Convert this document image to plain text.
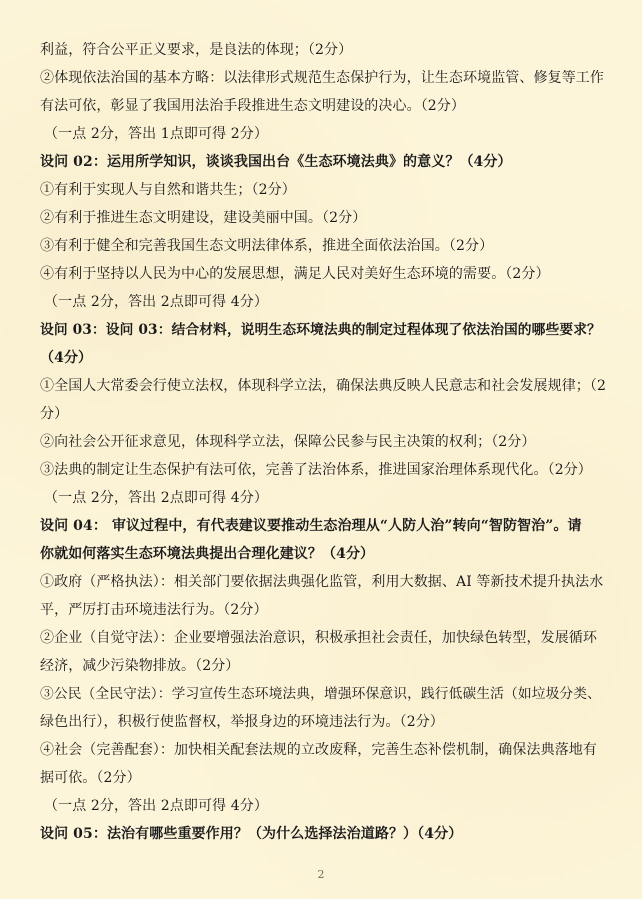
利益，符合公平正义要求，是良法的体现；（2分）
②体现依法治国的基本方略：以法律形式规范生态保护行为，让生态环境监管、修复等工作
有法可依，彰显了我国用法治手段推进生态文明建设的决心。（2分）
（一点 2分，答出 1点即可得 2分）
设问 02：运用所学知识，谈谈我国出台《生态环境法典》的意义？（4分）
①有利于实现人与自然和谐共生；（2分）
②有利于推进生态文明建设，建设美丽中国。（2分）
③有利于健全和完善我国生态文明法律体系，推进全面依法治国。（2分）
④有利于坚持以人民为中心的发展思想，满足人民对美好生态环境的需要。（2分）
（一点 2分，答出 2点即可得 4分）
设问 03：设问 03：结合材料，说明生态环境法典的制定过程体现了依法治国的哪些要求？
（4分）
①全国人大常委会行使立法权，体现科学立法，确保法典反映人民意志和社会发展规律；（2
分）
②向社会公开征求意见，体现科学立法，保障公民参与民主决策的权利；（2分）
③法典的制定让生态保护有法可依，完善了法治体系，推进国家治理体系现代化。（2分）
（一点 2分，答出 2点即可得 4分）
设问 04： 审议过程中，有代表建议要推动生态治理从“人防人治”转向“智防智治”。请
你就如何落实生态环境法典提出合理化建议？（4分）
①政府（严格执法）：相关部门要依据法典强化监管，利用大数据、AI 等新技术提升执法水
平，严厉打击环境违法行为。（2分）
②企业（自觉守法）：企业要增强法治意识，积极承担社会责任，加快绿色转型，发展循环
经济，减少污染物排放。（2分）
③公民（全民守法）：学习宣传生态环境法典，增强环保意识，践行低碳生活（如垃圾分类、
绿色出行），积极行使监督权，举报身边的环境违法行为。（2分）
④社会（完善配套）：加快相关配套法规的立改废释，完善生态补偿机制，确保法典落地有
据可依。（2分）
（一点 2分，答出 2点即可得 4分）
设问 05：法治有哪些重要作用？（为什么选择法治道路？）（4分）
2
